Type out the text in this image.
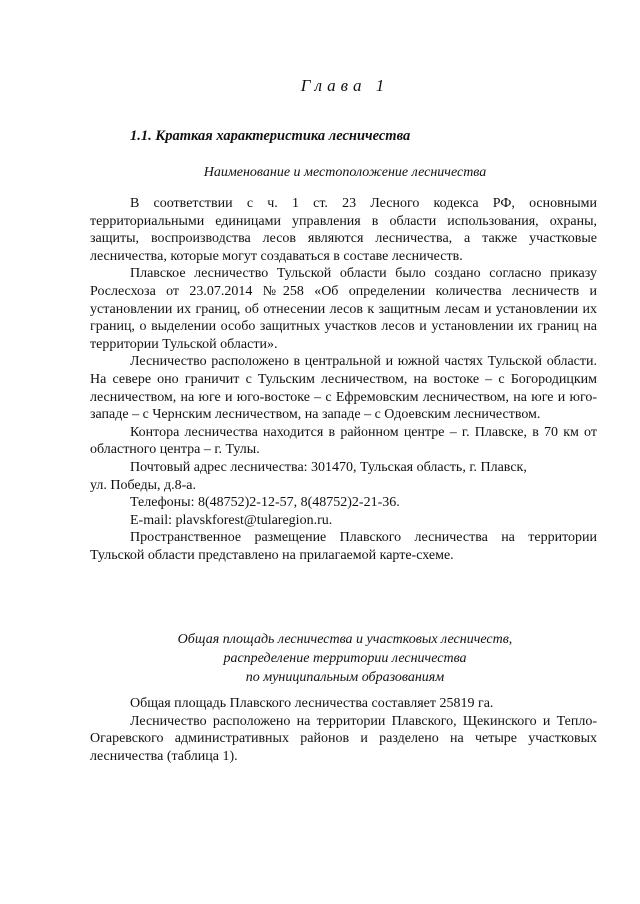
Глава 1
1.1. Краткая характеристика лесничества
Наименование и местоположение лесничества

В соответствии с ч. 1 ст. 23 Лесного кодекса РФ, основными территориальными единицами управления в области использования, охраны, защиты, воспроизводства лесов являются лесничества, а также участковые лесничества, которые могут создаваться в составе лесничеств.

Плавское лесничество Тульской области было создано согласно приказу Рослесхоза от 23.07.2014 №258 «Об определении количества лесничеств и установлении их границ, об отнесении лесов к защитным лесам и установлении их границ, о выделении особо защитных участков лесов и установлении их границ на территории Тульской области».

Лесничество расположено в центральной и южной частях Тульской области. На севере оно граничит с Тульским лесничеством, на востоке – с Богородицким лесничеством, на юге и юго-востоке – с Ефремовским лесничеством, на юге и юго-западе – с Чернским лесничеством, на западе – с Одоевским лесничеством.

Контора лесничества находится в районном центре – г. Плавске, в 70 км от областного центра – г. Тулы.

Почтовый адрес лесничества: 301470, Тульская область, г. Плавск,

ул. Победы, д.8-а.

Телефоны: 8(48752)2-12-57, 8(48752)2-21-36.

E-mail: plavskforest@tularegion.ru.

Пространственное размещение Плавского лесничества на территории Тульской области представлено на прилагаемой карте-схеме.

Общая площадь лесничества и участковых лесничеств,
распределение территории лесничества
по муниципальным образованиям

Общая площадь Плавского лесничества составляет 25819 га.

Лесничество расположено на территории Плавского, Щекинского и Тепло-Огаревского административных районов и разделено на четыре участковых лесничества (таблица 1).
